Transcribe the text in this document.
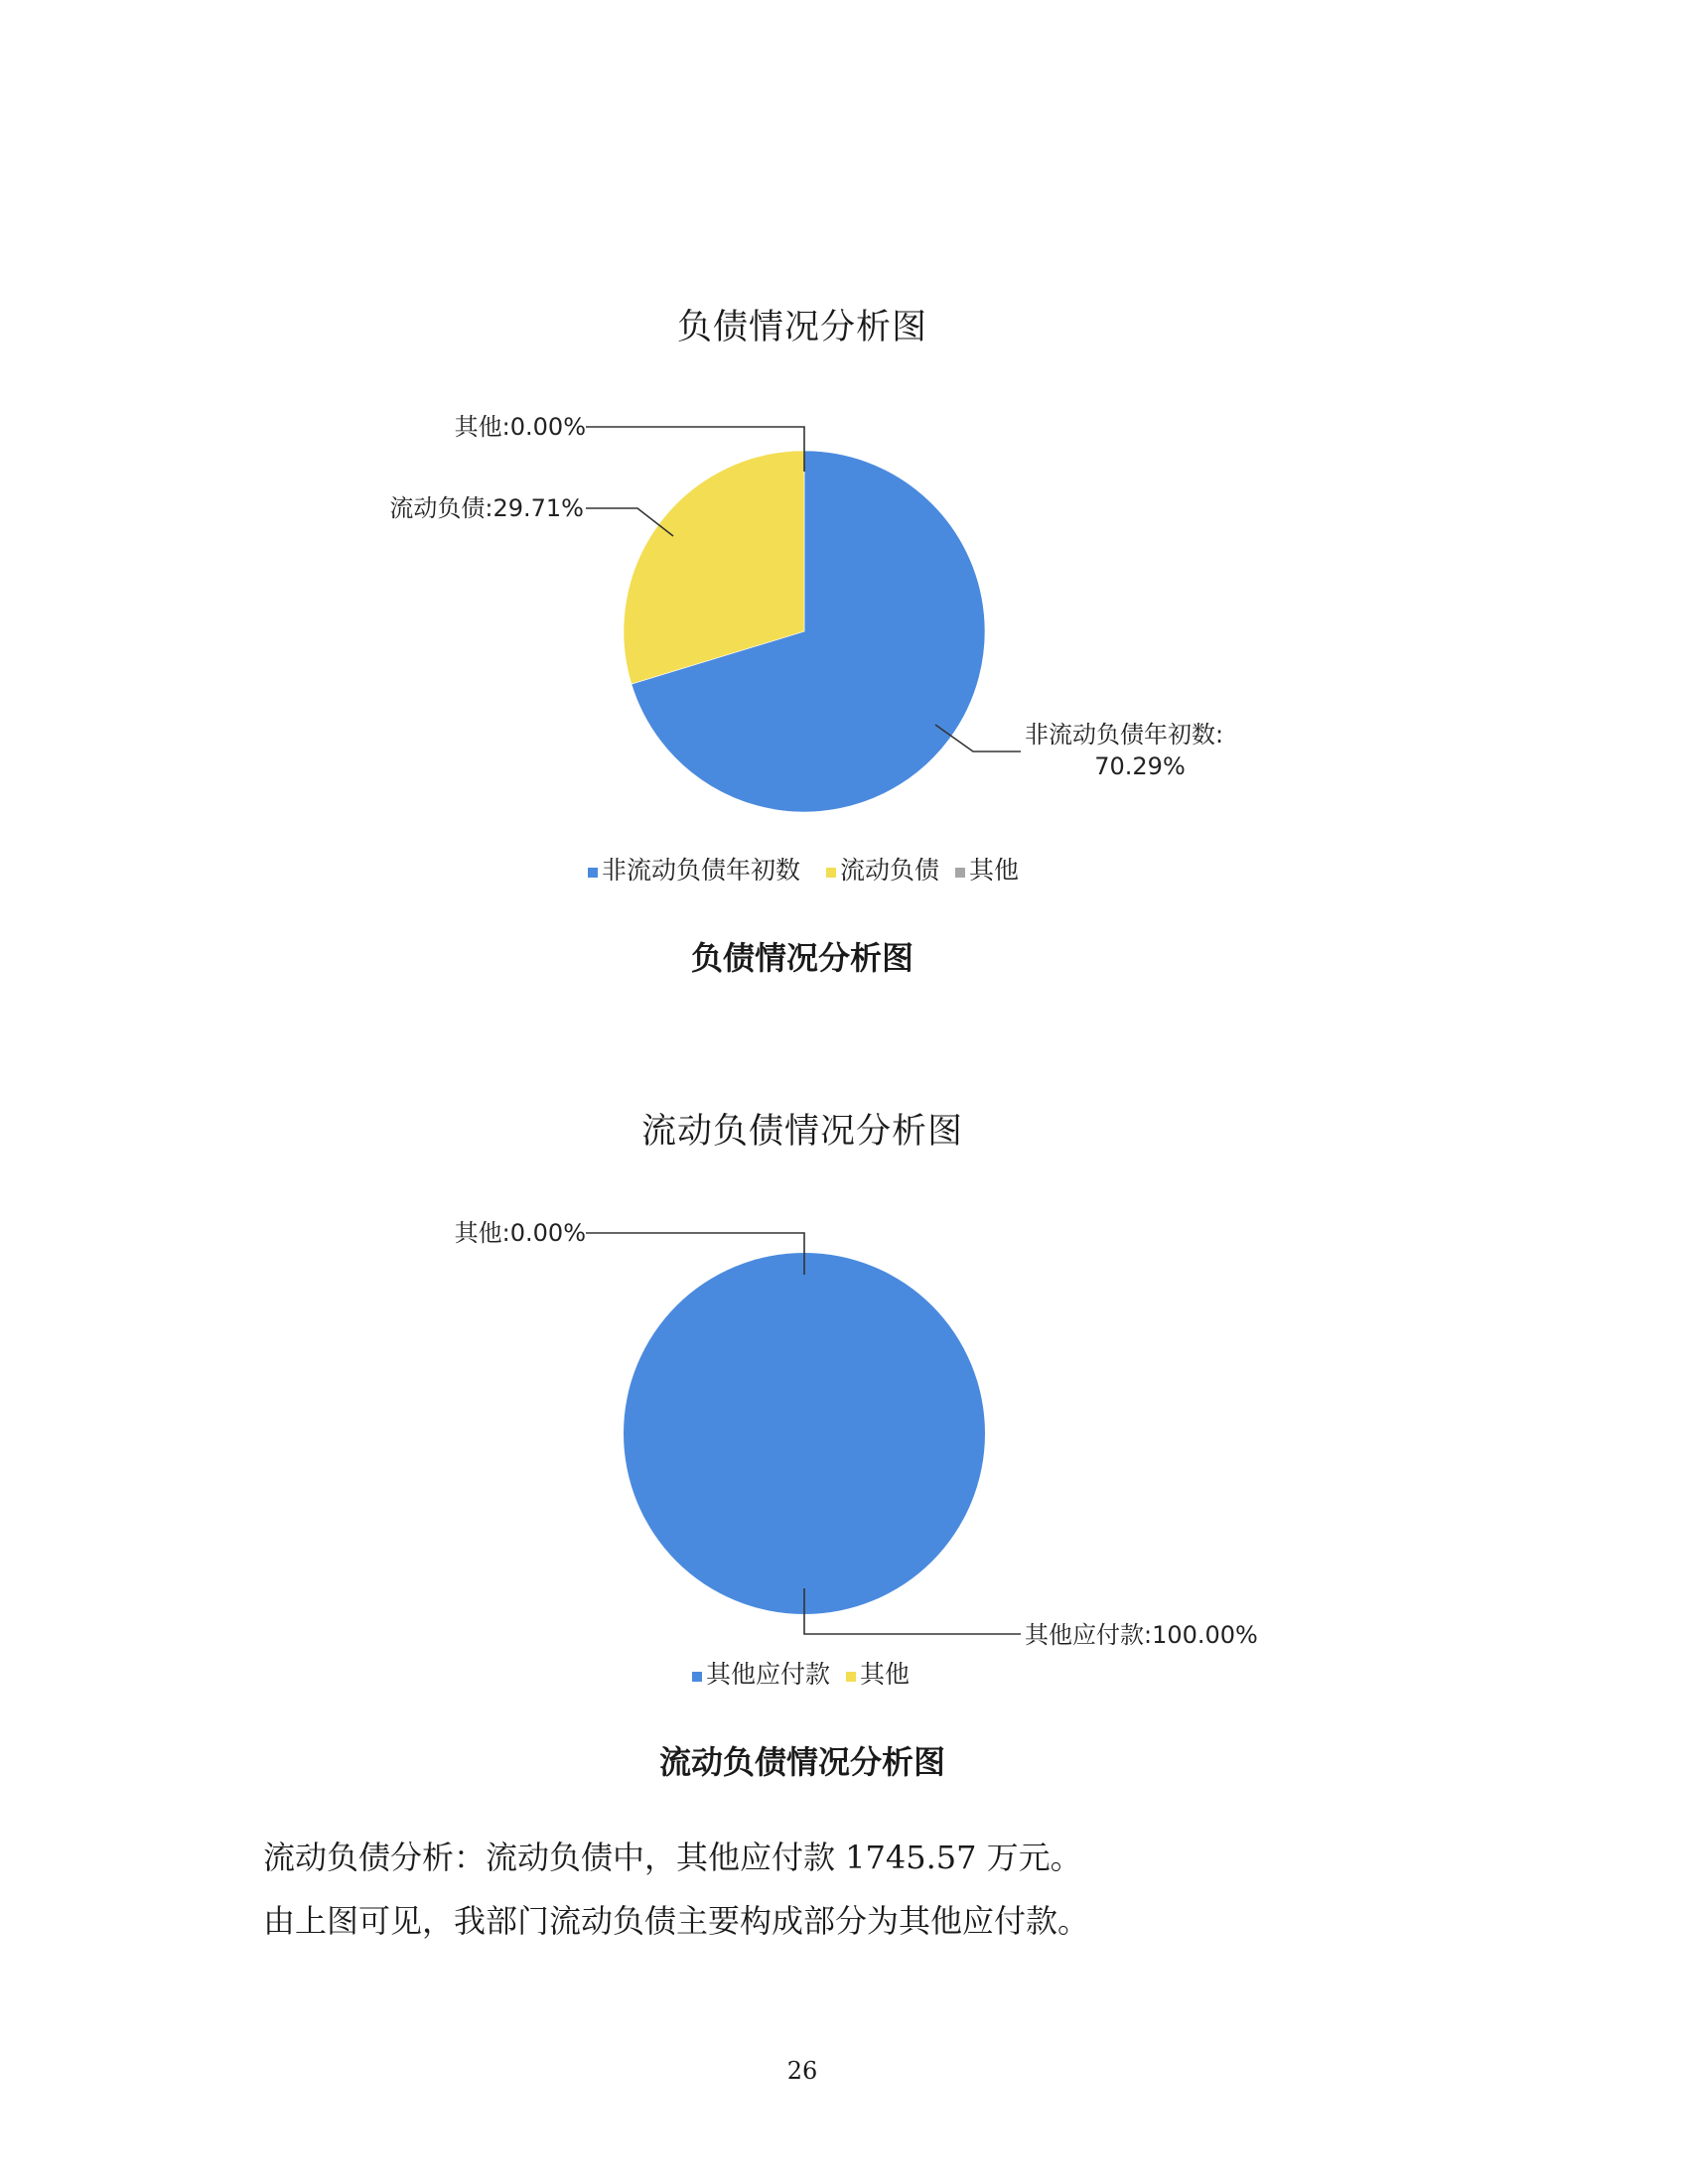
负债情况分析图
其他:0.00%
流动负债:29.71%
非流动负债年初数:
70.29%
非流动负债年初数 流动负债 其他
负债情况分析图
流动负债情况分析图
其他:0.00%
其他应付款:100.00%
其他应付款 其他
流动负债情况分析图
流动负债分析：流动负债中，其他应付款 1745.57 万元。
由上图可见，我部门流动负债主要构成部分为其他应付款。
26
